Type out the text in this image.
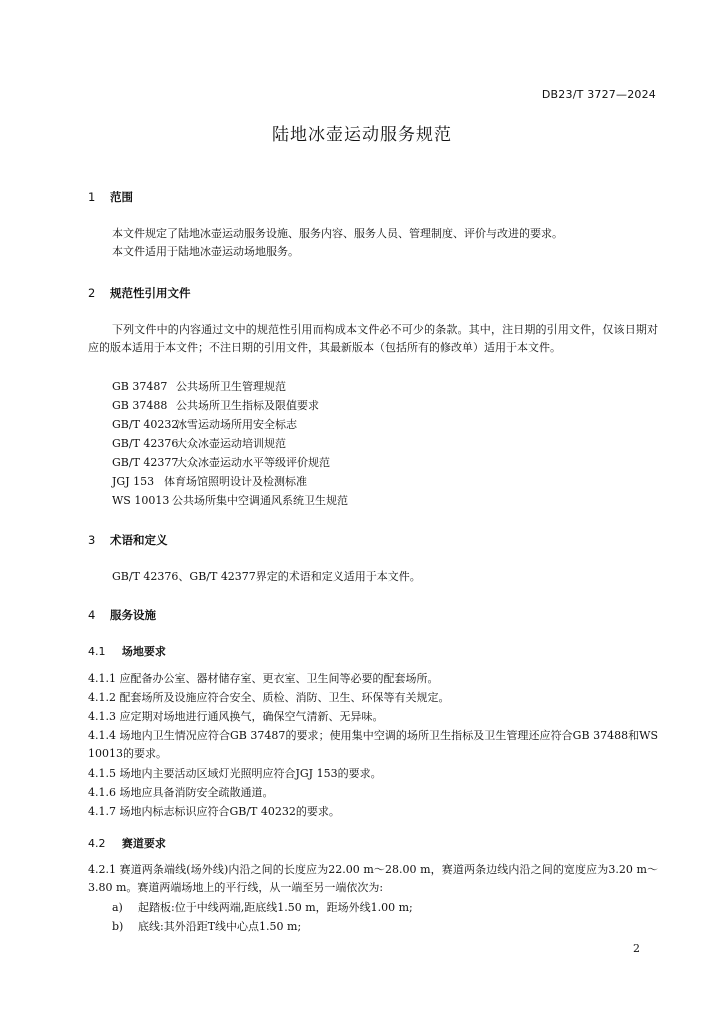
DB23/T 3727—2024
陆地冰壶运动服务规范
1 范围
本文件规定了陆地冰壶运动服务设施、服务内容、服务人员、管理制度、评价与改进的要求。
本文件适用于陆地冰壶运动场地服务。
2 规范性引用文件
下列文件中的内容通过文中的规范性引用而构成本文件必不可少的条款。其中，注日期的引用文件，仅该日期对应的版本适用于本文件；不注日期的引用文件，其最新版本（包括所有的修改单）适用于本文件。
GB 37487 公共场所卫生管理规范
GB 37488 公共场所卫生指标及限值要求
GB/T 40232冰雪运动场所用安全标志
GB/T 42376大众冰壶运动培训规范
GB/T 42377大众冰壶运动水平等级评价规范
JGJ 153 体育场馆照明设计及检测标准
WS 10013 公共场所集中空调通风系统卫生规范
3 术语和定义
GB/T 42376、GB/T 42377界定的术语和定义适用于本文件。
4 服务设施
4.1 场地要求
4.1.1 应配备办公室、器材储存室、更衣室、卫生间等必要的配套场所。
4.1.2 配套场所及设施应符合安全、质检、消防、卫生、环保等有关规定。
4.1.3 应定期对场地进行通风换气，确保空气清新、无异味。
4.1.4 场地内卫生情况应符合GB 37487的要求；使用集中空调的场所卫生指标及卫生管理还应符合GB 37488和WS 10013的要求。
4.1.5 场地内主要活动区域灯光照明应符合JGJ 153的要求。
4.1.6 场地应具备消防安全疏散通道。
4.1.7 场地内标志标识应符合GB/T 40232的要求。
4.2 赛道要求
4.2.1 赛道两条端线(场外线)内沿之间的长度应为22.00 m～28.00 m，赛道两条边线内沿之间的宽度应为3.20 m～3.80 m。赛道两端场地上的平行线，从一端至另一端依次为:
a) 起踏板:位于中线两端,距底线1.50 m，距场外线1.00 m;
b) 底线:其外沿距T线中心点1.50 m;
2
